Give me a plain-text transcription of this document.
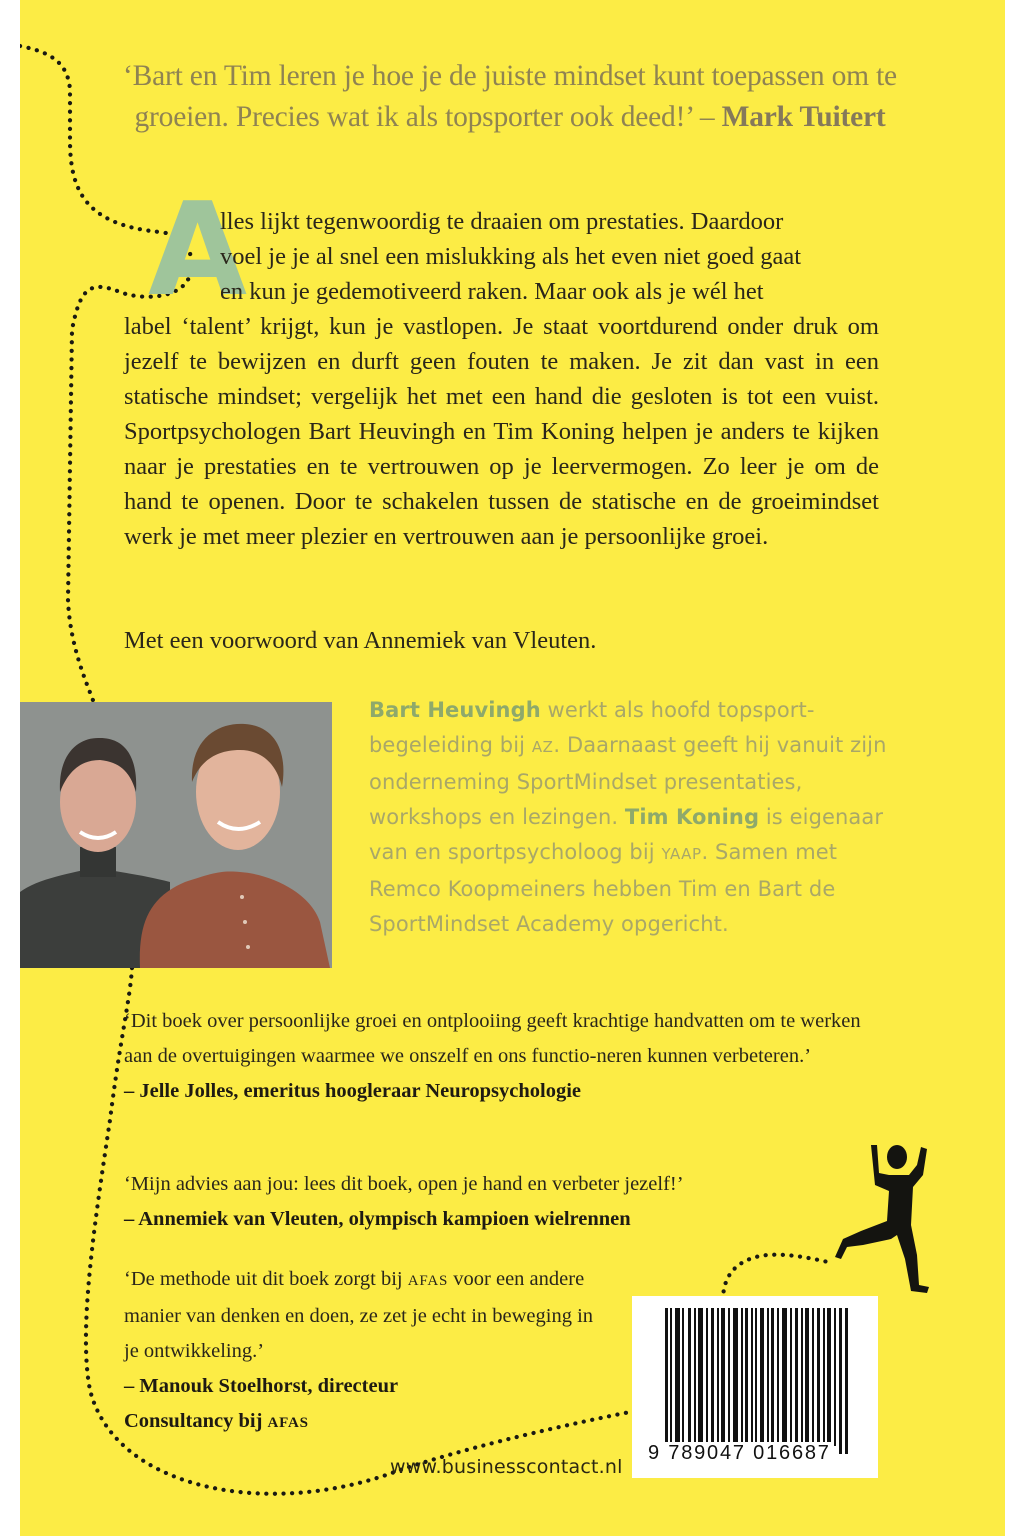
‘Bart en Tim leren je hoe je de juiste mindset kunt toepassen om te groeien. Precies wat ik als topsporter ook deed!’ – Mark Tuitert
A
lles lijkt tegenwoordig te draaien om prestaties. Daardoor
voel je je al snel een mislukking als het even niet goed gaat
en kun je gedemotiveerd raken. Maar ook als je wél het
label ‘talent’ krijgt, kun je vastlopen. Je staat voortdurend onder druk om jezelf te bewijzen en durft geen fouten te maken. Je zit dan vast in een statische mindset; vergelijk het met een hand die gesloten is tot een vuist. Sportpsychologen Bart Heuvingh en Tim Koning helpen je anders te kijken naar je prestaties en te vertrouwen op je leervermogen. Zo leer je om de hand te openen. Door te schakelen tussen de statische en de groeimindset werk je met meer plezier en vertrouwen aan je persoonlijke groei.
Met een voorwoord van Annemiek van Vleuten.
Bart Heuvingh werkt als hoofd topsport-begeleiding bij AZ. Daarnaast geeft hij vanuit zijn onderneming SportMindset presentaties, workshops en lezingen. Tim Koning is eigenaar van en sportpsycholoog bij YAAP. Samen met Remco Koopmeiners hebben Tim en Bart de SportMindset Academy opgericht.
‘Dit boek over persoonlijke groei en ontplooiing geeft krachtige handvatten om te werken aan de overtuigingen waarmee we onszelf en ons functio-neren kunnen verbeteren.’
– Jelle Jolles, emeritus hoogleraar Neuropsychologie
‘Mijn advies aan jou: lees dit boek, open je hand en verbeter jezelf!’
– Annemiek van Vleuten, olympisch kampioen wielrennen
‘De methode uit dit boek zorgt bij AFAS voor een andere manier van denken en doen, ze zet je echt in beweging in je ontwikkeling.’
– Manouk Stoelhorst, directeur
Consultancy bij AFAS
9 789047 016687
www.businesscontact.nl
